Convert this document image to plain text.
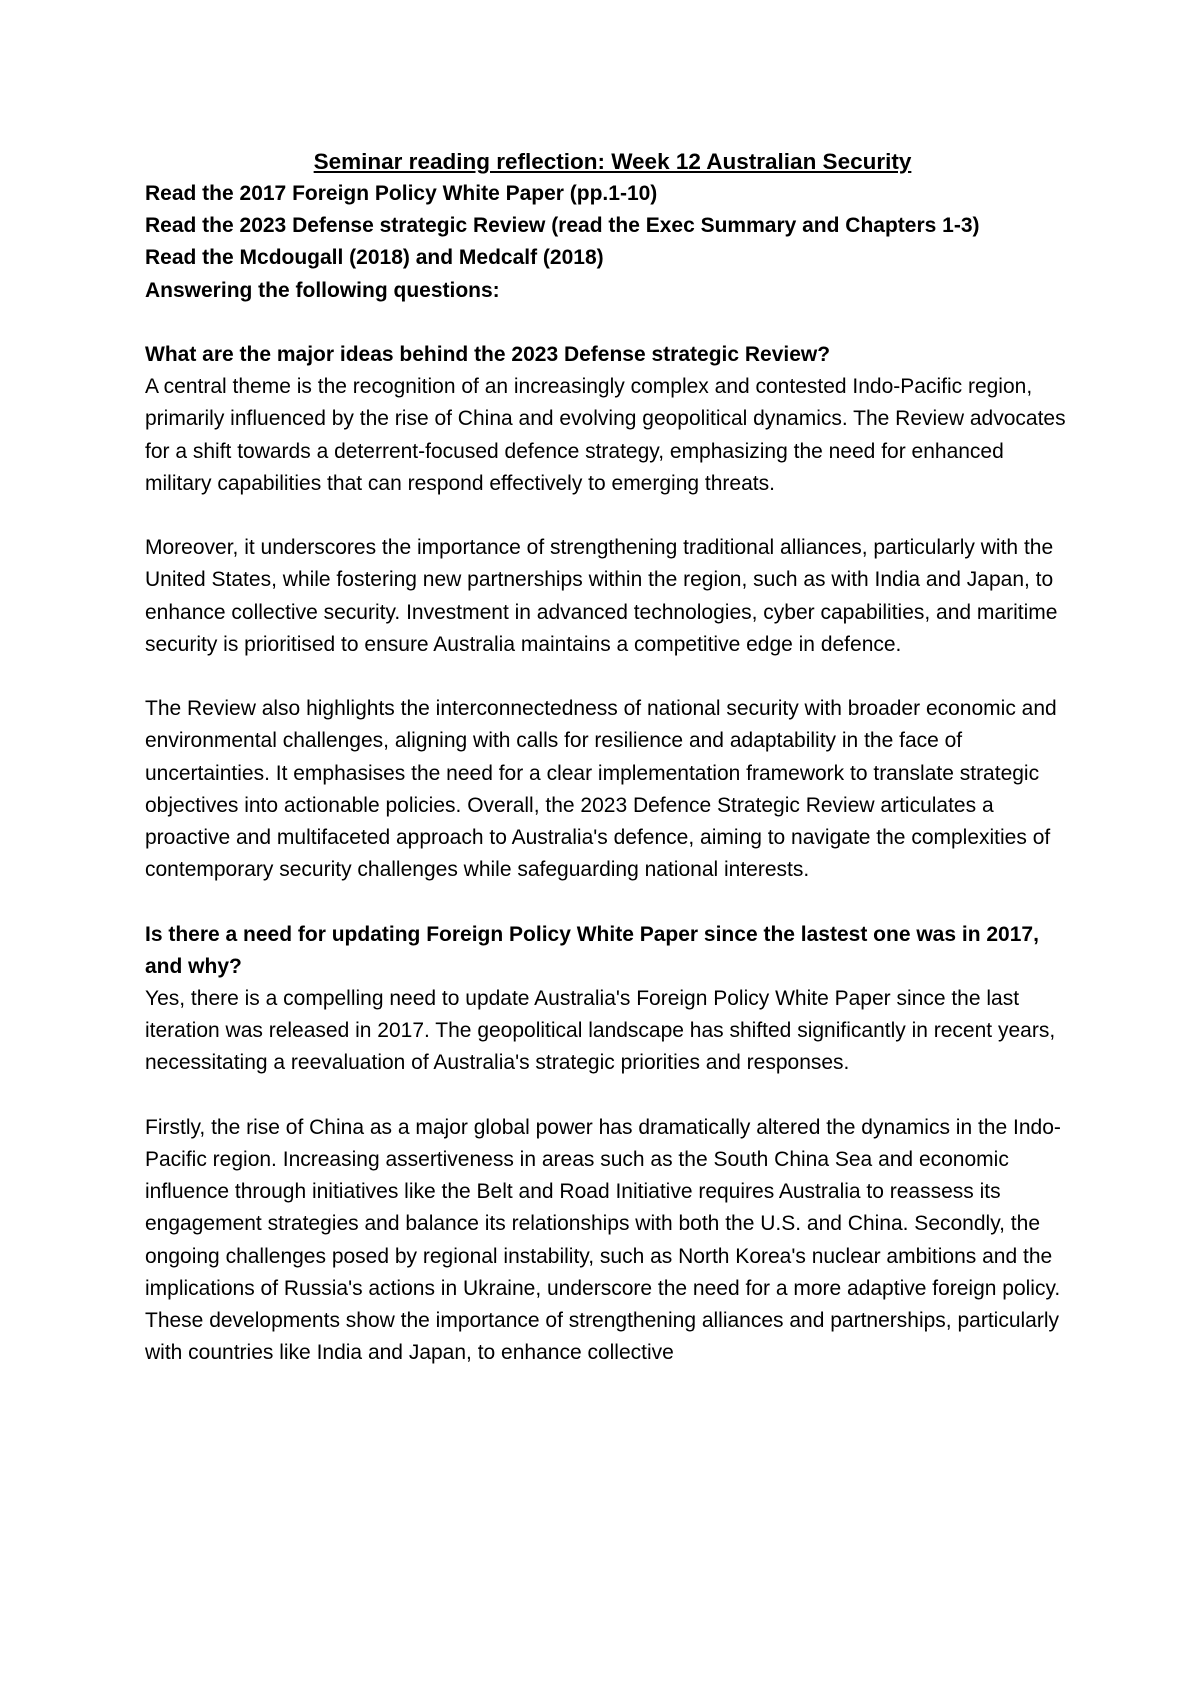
Seminar reading reflection: Week 12 Australian Security
Read the 2017 Foreign Policy White Paper (pp.1-10)
Read the 2023 Defense strategic Review (read the Exec Summary and Chapters 1-3)
Read the Mcdougall (2018) and Medcalf (2018)
Answering the following questions:

What are the major ideas behind the 2023 Defense strategic Review?

A central theme is the recognition of an increasingly complex and contested Indo-Pacific region, primarily influenced by the rise of China and evolving geopolitical dynamics. The Review advocates for a shift towards a deterrent-focused defence strategy, emphasizing the need for enhanced military capabilities that can respond effectively to emerging threats.

Moreover, it underscores the importance of strengthening traditional alliances, particularly with the United States, while fostering new partnerships within the region, such as with India and Japan, to enhance collective security. Investment in advanced technologies, cyber capabilities, and maritime security is prioritised to ensure Australia maintains a competitive edge in defence.

The Review also highlights the interconnectedness of national security with broader economic and environmental challenges, aligning with calls for resilience and adaptability in the face of uncertainties. It emphasises the need for a clear implementation framework to translate strategic objectives into actionable policies. Overall, the 2023 Defence Strategic Review articulates a proactive and multifaceted approach to Australia's defence, aiming to navigate the complexities of contemporary security challenges while safeguarding national interests.

Is there a need for updating Foreign Policy White Paper since the lastest one was in 2017, and why?

Yes, there is a compelling need to update Australia's Foreign Policy White Paper since the last iteration was released in 2017. The geopolitical landscape has shifted significantly in recent years, necessitating a reevaluation of Australia's strategic priorities and responses.

Firstly, the rise of China as a major global power has dramatically altered the dynamics in the Indo-Pacific region. Increasing assertiveness in areas such as the South China Sea and economic influence through initiatives like the Belt and Road Initiative requires Australia to reassess its engagement strategies and balance its relationships with both the U.S. and China. Secondly, the ongoing challenges posed by regional instability, such as North Korea's nuclear ambitions and the implications of Russia's actions in Ukraine, underscore the need for a more adaptive foreign policy. These developments show the importance of strengthening alliances and partnerships, particularly with countries like India and Japan, to enhance collective
